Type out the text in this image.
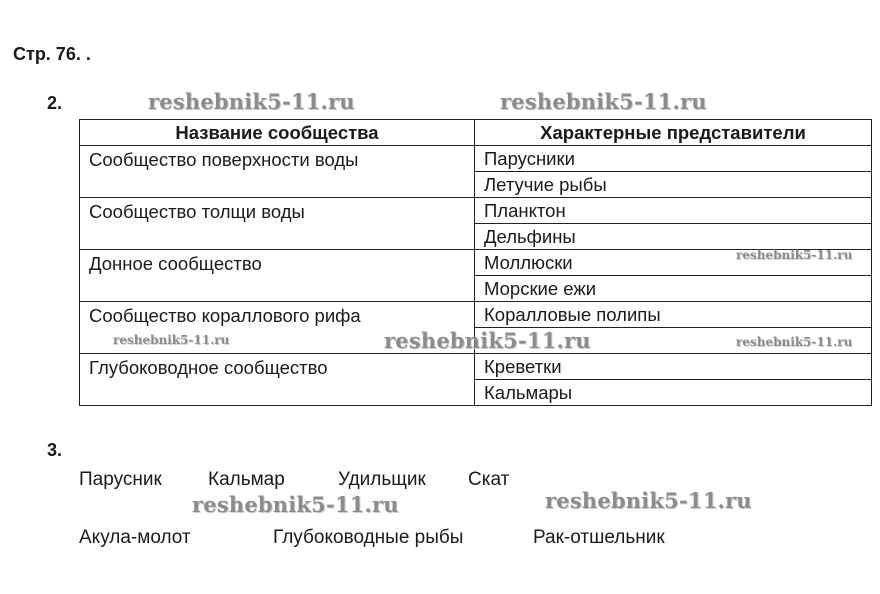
Стр. 76. .
2.	reshebnik5-11.ru	reshebnik5-11.ru
Название сообщества	Характерные представители
Сообщество поверхности воды	Парусники
	Летучие рыбы
Сообщество толщи воды	Планктон
	Дельфины
Донное сообщество	Моллюски
	Морские ежи
Сообщество кораллового рифа	Коралловые полипы

Глубоководное сообщество	Креветки
	Кальмары
reshebnik5-11.ru
reshebnik5-11.ru	reshebnik5-11.ru	reshebnik5-11.ru
3.
Парусник Кальмар	Удильщик Скат
reshebnik5-11.ru	reshebnik5-11.ru
Акула-молот	Глубоководные рыбы	Рак-отшельник
